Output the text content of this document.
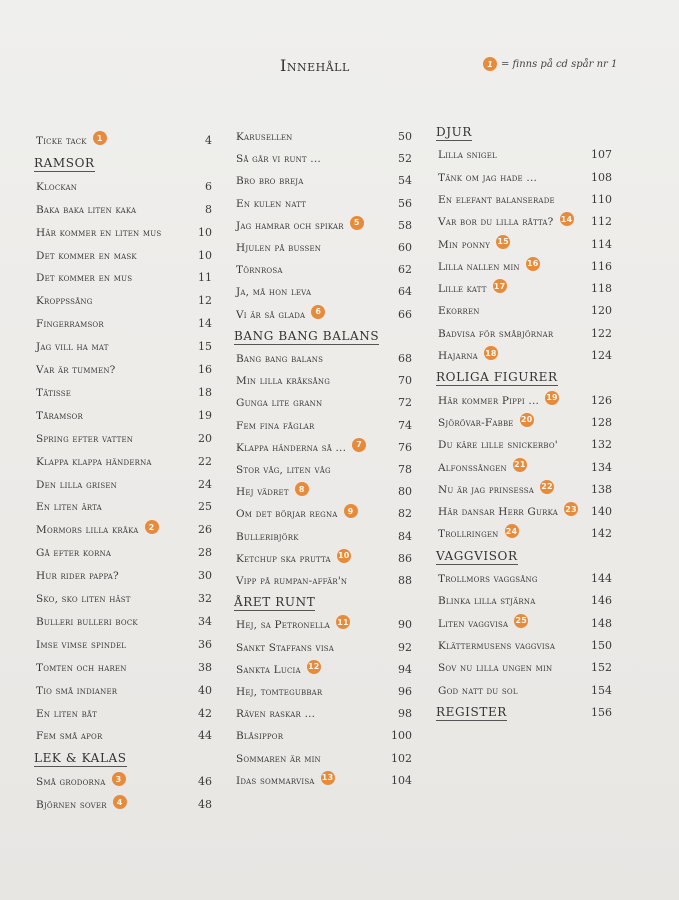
Innehåll	1 = finns på cd spår nr 1
Ticke tack	1	4
RAMSOR
Klockan	6
Baka baka liten kaka	8
Här kommer en liten mus	10
Det kommer en mask	10
Det kommer en mus	11
Kroppssång	12
Fingerramsor	14
Jag vill ha mat	15
Var är tummen?	16
Tätisse	18
Tåramsor	19
Spring efter vatten	20
Klappa klappa händerna	22
Den lilla grisen	24
En liten ärta	25
Mormors lilla kråka	2	26
Gå efter korna	28
Hur rider pappa?	30
Sko, sko liten häst	32
Bulleri bulleri bock	34
Imse vimse spindel	36
Tomten och haren	38
Tio små indianer	40
En liten båt	42
Fem små apor	44
LEK & KALAS
Små grodorna	3	46
Björnen sover	4	48
Karusellen	50
Så går vi runt ...	52
Bro bro breja	54
En kulen natt	56
Jag hamrar och spikar	5	58
Hjulen på bussen	60
Törnrosa	62
Ja, må hon leva	64
Vi är så glada	6	66
BANG BANG BALANS
Bang bang balans	68
Min lilla kråksång	70
Gunga lite grann	72
Fem fina fåglar	74
Klappa händerna så ...	7	76
Stor våg, liten våg	78
Hej vädret	8	80
Om det börjar regna	9	82
Bulleribjörk	84
Ketchup ska prutta 10	86
Vipp på rumpan-affär'n	88
ÅRET RUNT
Hej, sa Petronella 11	90
Sankt Staffans visa	92
Sankta Lucia 12	94
Hej, tomtegubbar	96
Räven raskar ...	98
Blåsippor	100
Sommaren är min	102
Idas sommarvisa 13	104
DJUR
Lilla snigel	107
Tänk om jag hade ...	108
En elefant balanserade	110
Var bor du lilla råtta? 14	112
Min ponny 15	114
Lilla nallen min 16	116
Lille katt 17	118
Ekorren	120
Badvisa för småbjörnar	122
Hajarna 18	124
ROLIGA FIGURER
Här kommer Pippi ... 19	126
Sjörövar-Fabbe 20	128
Du käre lille snickerbo'	132
Alfonssången 21	134
Nu är jag prinsessa 22	138
Här dansar Herr Gurka 23	140
Trollringen 24	142
VAGGVISOR
Trollmors vaggsång	144
Blinka lilla stjärna	146
Liten vaggvisa 25	148
Klättermusens vaggvisa	150
Sov nu lilla ungen min	152
God natt du sol	154
REGISTER	156
